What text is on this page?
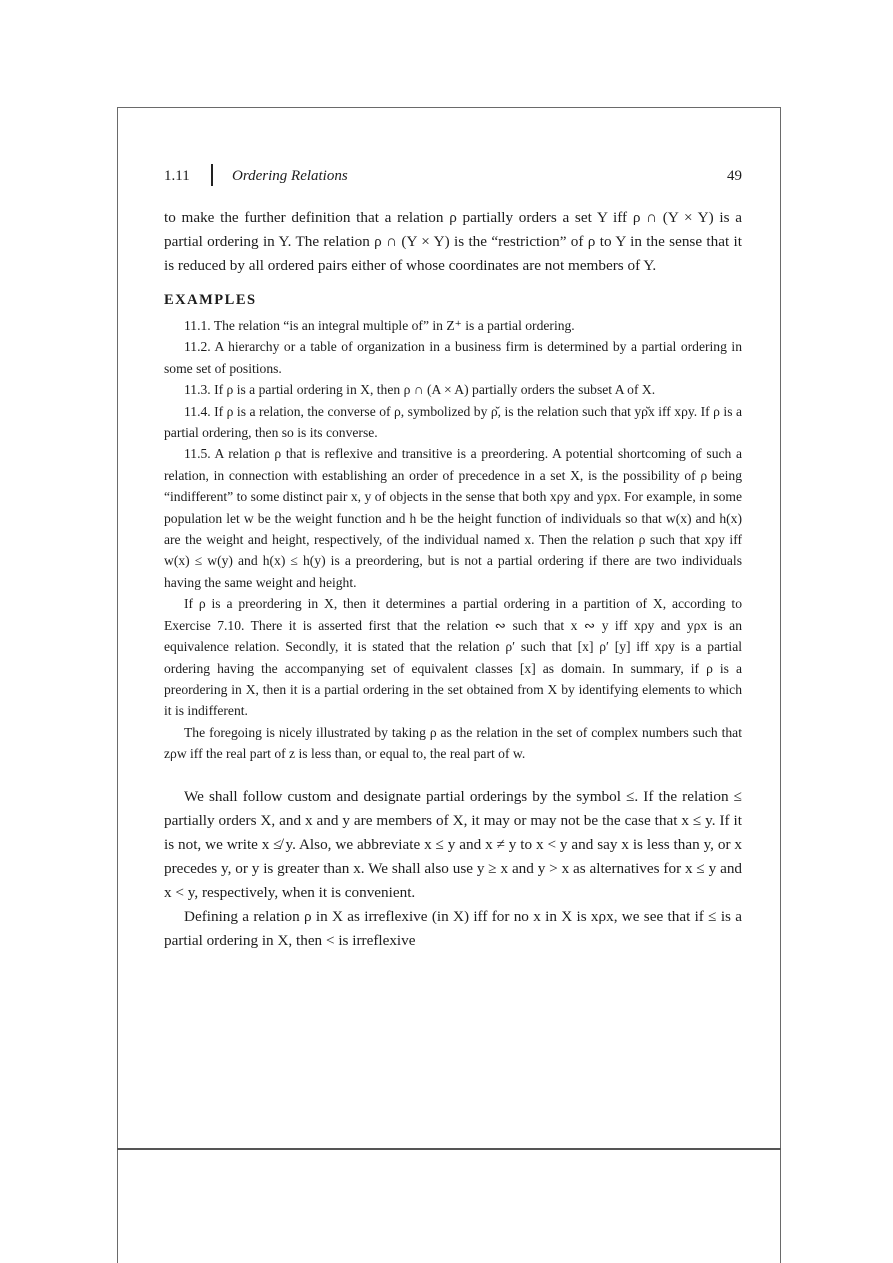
1.11	Ordering Relations	49

to make the further definition that a relation ρ partially orders a set Y iff ρ ∩ (Y × Y) is a partial ordering in Y. The relation ρ ∩ (Y × Y) is the “restriction” of ρ to Y in the sense that it is reduced by all ordered pairs either of whose coordinates are not members of Y.

EXAMPLES
11.1. The relation “is an integral multiple of” in Z⁺ is a partial ordering.
11.2. A hierarchy or a table of organization in a business firm is determined by a partial ordering in some set of positions.
11.3. If ρ is a partial ordering in X, then ρ ∩ (A × A) partially orders the subset A of X.
11.4. If ρ is a relation, the converse of ρ, symbolized by ρ̆, is the relation such that yρ̆x iff xρy. If ρ is a partial ordering, then so is its converse.
11.5. A relation ρ that is reflexive and transitive is a preordering. A potential shortcoming of such a relation, in connection with establishing an order of precedence in a set X, is the possibility of ρ being “indifferent” to some distinct pair x, y of objects in the sense that both xρy and yρx. For example, in some population let w be the weight function and h be the height function of individuals so that w(x) and h(x) are the weight and height, respectively, of the individual named x. Then the relation ρ such that xρy iff w(x) ≤ w(y) and h(x) ≤ h(y) is a preordering, but is not a partial ordering if there are two individuals having the same weight and height.
If ρ is a preordering in X, then it determines a partial ordering in a partition of X, according to Exercise 7.10. There it is asserted first that the relation ∾ such that x ∾ y iff xρy and yρx is an equivalence relation. Secondly, it is stated that the relation ρ′ such that [x] ρ′ [y] iff xρy is a partial ordering having the accompanying set of equivalent classes [x] as domain. In summary, if ρ is a preordering in X, then it is a partial ordering in the set obtained from X by identifying elements to which it is indifferent.
The foregoing is nicely illustrated by taking ρ as the relation in the set of complex numbers such that zρw iff the real part of z is less than, or equal to, the real part of w.
We shall follow custom and designate partial orderings by the symbol ≤. If the relation ≤ partially orders X, and x and y are members of X, it may or may not be the case that x ≤ y. If it is not, we write x ≰ y. Also, we abbreviate x ≤ y and x ≠ y to x < y and say x is less than y, or x precedes y, or y is greater than x. We shall also use y ≥ x and y > x as alternatives for x ≤ y and x < y, respectively, when it is convenient.
Defining a relation ρ in X as irreflexive (in X) iff for no x in X is xρx, we see that if ≤ is a partial ordering in X, then < is irreflexive
